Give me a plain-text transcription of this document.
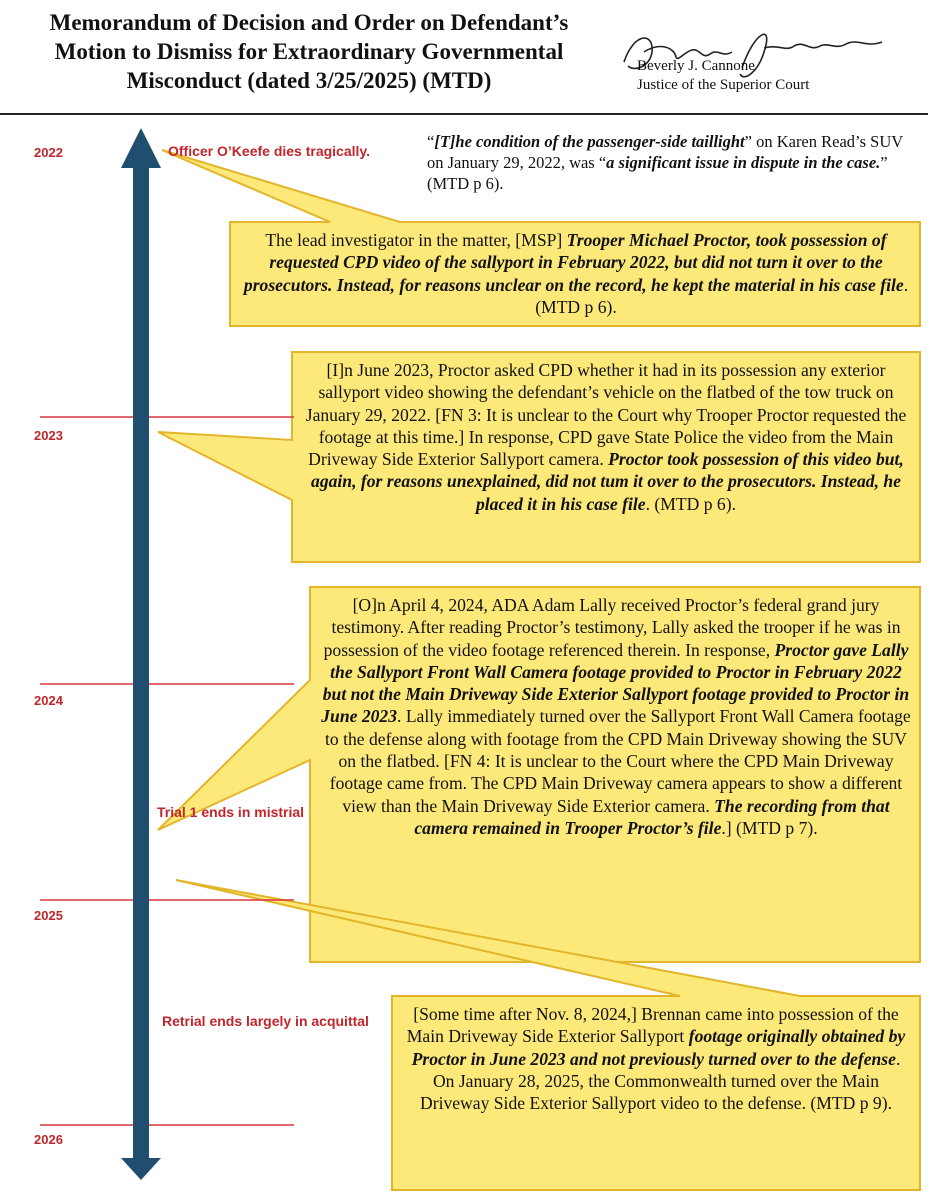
Memorandum of Decision and Order on Defendant’s
Motion to Dismiss for Extraordinary Governmental
Misconduct (dated 3/25/2025) (MTD)
Beverly J. Cannone
Justice of the Superior Court
2022
2023
2024
2025
2026
Officer O’Keefe dies tragically.
Trial 1 ends in mistrial
Retrial ends largely in acquittal
“[T]he condition of the passenger-side taillight” on Karen Read’s SUV on January 29, 2022, was “a significant issue in dispute in the case.” (MTD p 6).
The lead investigator in the matter, [MSP] Trooper Michael Proctor, took possession of requested CPD video of the sallyport in February 2022, but did not turn it over to the prosecutors. Instead, for reasons unclear on the record, he kept the material in his case file. (MTD p 6).
[I]n June 2023, Proctor asked CPD whether it had in its possession any exterior sallyport video showing the defendant’s vehicle on the flatbed of the tow truck on January 29, 2022. [FN 3: It is unclear to the Court why Trooper Proctor requested the footage at this time.] In response, CPD gave State Police the video from the Main Driveway Side Exterior Sallyport camera. Proctor took possession of this video but, again, for reasons unexplained, did not tum it over to the prosecutors. Instead, he placed it in his case file. (MTD p 6).
[O]n April 4, 2024, ADA Adam Lally received Proctor’s federal grand jury testimony. After reading Proctor’s testimony, Lally asked the trooper if he was in possession of the video footage referenced therein. In response, Proctor gave Lally the Sallyport Front Wall Camera footage provided to Proctor in February 2022 but not the Main Driveway Side Exterior Sallyport footage provided to Proctor in June 2023. Lally immediately turned over the Sallyport Front Wall Camera footage to the defense along with footage from the CPD Main Driveway showing the SUV on the flatbed. [FN 4: It is unclear to the Court where the CPD Main Driveway footage came from. The CPD Main Driveway camera appears to show a different view than the Main Driveway Side Exterior camera. The recording from that camera remained in Trooper Proctor’s file.] (MTD p 7).
[Some time after Nov. 8, 2024,] Brennan came into possession of the Main Driveway Side Exterior Sallyport footage originally obtained by Proctor in June 2023 and not previously turned over to the defense.
On January 28, 2025, the Commonwealth turned over the Main Driveway Side Exterior Sallyport video to the defense. (MTD p 9).
